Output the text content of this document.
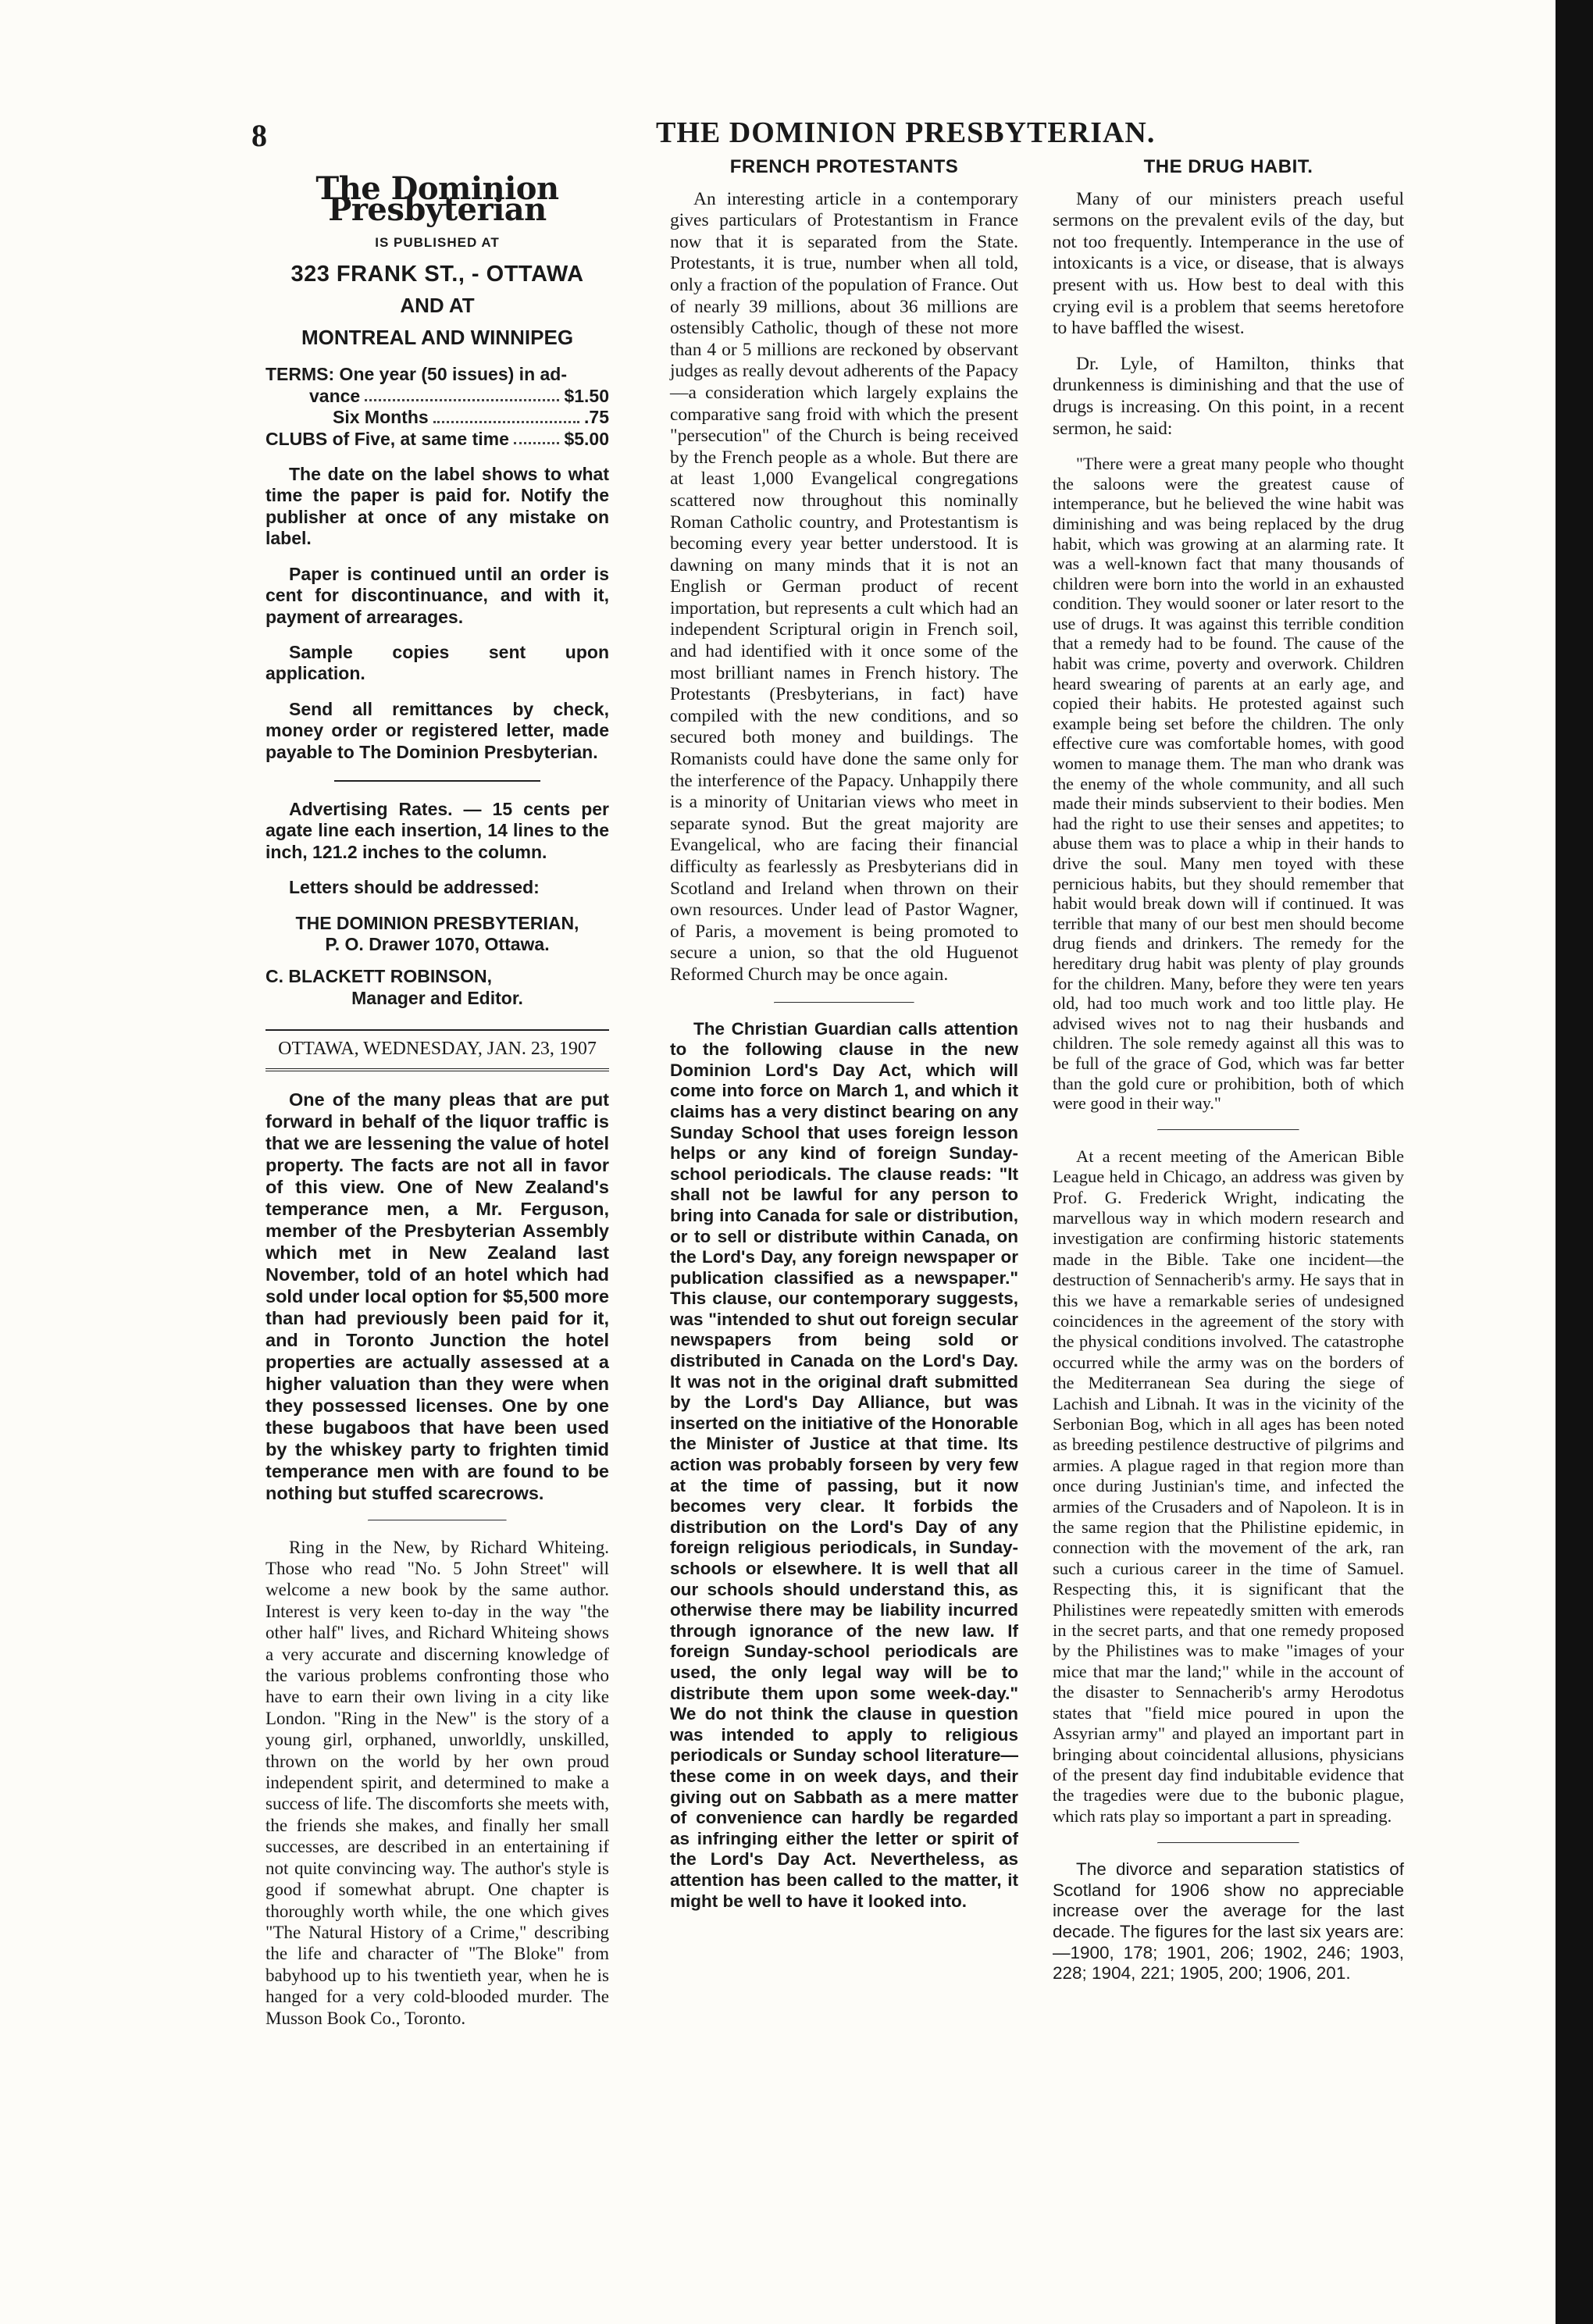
8	THE DOMINION PRESBYTERIAN.
The Dominion Presbyterian
IS PUBLISHED AT
323 FRANK ST., - OTTAWA
AND AT
MONTREAL AND WINNIPEG

TERMS: One year (50 issues) in ad-

vance	$1.50
Six Months	.75
CLUBS of Five, at same time	$5.00

The date on the label shows to what time the paper is paid for. Notify the publisher at once of any mistake on label.

Paper is continued until an order is cent for discontinuance, and with it, payment of arrearages.

Sample copies sent upon application.

Send all remittances by check, money order or registered letter, made payable to The Dominion Presbyterian.

Advertising Rates. — 15 cents per agate line each insertion, 14 lines to the inch, 121.2 inches to the column.

Letters should be addressed:

THE DOMINION PRESBYTERIAN,

P. O. Drawer 1070, Ottawa.

C. BLACKETT ROBINSON,

Manager and Editor.

OTTAWA, WEDNESDAY, JAN. 23, 1907

One of the many pleas that are put forward in behalf of the liquor traffic is that we are lessening the value of hotel property. The facts are not all in favor of this view. One of New Zealand's temperance men, a Mr. Ferguson, member of the Presbyterian Assembly which met in New Zealand last November, told of an hotel which had sold under local option for $5,500 more than had previously been paid for it, and in Toronto Junction the hotel properties are actually assessed at a higher valuation than they were when they possessed licenses. One by one these bugaboos that have been used by the whiskey party to frighten timid temperance men with are found to be nothing but stuffed scarecrows.

Ring in the New, by Richard Whiteing. Those who read "No. 5 John Street" will welcome a new book by the same author. Interest is very keen to-day in the way "the other half" lives, and Richard Whiteing shows a very accurate and discerning knowledge of the various problems confronting those who have to earn their own living in a city like London. "Ring in the New" is the story of a young girl, orphaned, unworldly, unskilled, thrown on the world by her own proud independent spirit, and determined to make a success of life. The discomforts she meets with, the friends she makes, and finally her small successes, are described in an entertaining if not quite convincing way. The author's style is good if somewhat abrupt. One chapter is thoroughly worth while, the one which gives "The Natural History of a Crime," describing the life and character of "The Bloke" from babyhood up to his twentieth year, when he is hanged for a very cold-blooded murder. The Musson Book Co., Toronto.

FRENCH PROTESTANTS

An interesting article in a contemporary gives particulars of Protestantism in France now that it is separated from the State. Protestants, it is true, number when all told, only a fraction of the population of France. Out of nearly 39 millions, about 36 millions are ostensibly Catholic, though of these not more than 4 or 5 millions are reckoned by observant judges as really devout adherents of the Papacy—a consideration which largely explains the comparative sang froid with which the present "persecution" of the Church is being received by the French people as a whole. But there are at least 1,000 Evangelical congregations scattered now throughout this nominally Roman Catholic country, and Protestantism is becoming every year better understood. It is dawning on many minds that it is not an English or German product of recent importation, but represents a cult which had an independent Scriptural origin in French soil, and had identified with it once some of the most brilliant names in French history. The Protestants (Presbyterians, in fact) have compiled with the new conditions, and so secured both money and buildings. The Romanists could have done the same only for the interference of the Papacy. Unhappily there is a minority of Unitarian views who meet in separate synod. But the great majority are Evangelical, who are facing their financial difficulty as fearlessly as Presbyterians did in Scotland and Ireland when thrown on their own resources. Under lead of Pastor Wagner, of Paris, a movement is being promoted to secure a union, so that the old Huguenot Reformed Church may be once again.

The Christian Guardian calls attention to the following clause in the new Dominion Lord's Day Act, which will come into force on March 1, and which it claims has a very distinct bearing on any Sunday School that uses foreign lesson helps or any kind of foreign Sunday-school periodicals. The clause reads: "It shall not be lawful for any person to bring into Canada for sale or distribution, or to sell or distribute within Canada, on the Lord's Day, any foreign newspaper or publication classified as a newspaper." This clause, our contemporary suggests, was "intended to shut out foreign secular newspapers from being sold or distributed in Canada on the Lord's Day. It was not in the original draft submitted by the Lord's Day Alliance, but was inserted on the initiative of the Honorable the Minister of Justice at that time. Its action was probably forseen by very few at the time of passing, but it now becomes very clear. It forbids the distribution on the Lord's Day of any foreign religious periodicals, in Sunday-schools or elsewhere. It is well that all our schools should understand this, as otherwise there may be liability incurred through ignorance of the new law. If foreign Sunday-school periodicals are used, the only legal way will be to distribute them upon some week-day." We do not think the clause in question was intended to apply to religious periodicals or Sunday school literature—these come in on week days, and their giving out on Sabbath as a mere matter of convenience can hardly be regarded as infringing either the letter or spirit of the Lord's Day Act. Nevertheless, as attention has been called to the matter, it might be well to have it looked into.

THE DRUG HABIT.

Many of our ministers preach useful sermons on the prevalent evils of the day, but not too frequently. Intemperance in the use of intoxicants is a vice, or disease, that is always present with us. How best to deal with this crying evil is a problem that seems heretofore to have baffled the wisest.

Dr. Lyle, of Hamilton, thinks that drunkenness is diminishing and that the use of drugs is increasing. On this point, in a recent sermon, he said:

"There were a great many people who thought the saloons were the greatest cause of intemperance, but he believed the wine habit was diminishing and was being replaced by the drug habit, which was growing at an alarming rate. It was a well-known fact that many thousands of children were born into the world in an exhausted condition. They would sooner or later resort to the use of drugs. It was against this terrible condition that a remedy had to be found. The cause of the habit was crime, poverty and overwork. Children heard swearing of parents at an early age, and copied their habits. He protested against such example being set before the children. The only effective cure was comfortable homes, with good women to manage them. The man who drank was the enemy of the whole community, and all such made their minds subservient to their bodies. Men had the right to use their senses and appetites; to abuse them was to place a whip in their hands to drive the soul. Many men toyed with these pernicious habits, but they should remember that habit would break down will if continued. It was terrible that many of our best men should become drug fiends and drinkers. The remedy for the hereditary drug habit was plenty of play grounds for the children. Many, before they were ten years old, had too much work and too little play. He advised wives not to nag their husbands and children. The sole remedy against all this was to be full of the grace of God, which was far better than the gold cure or prohibition, both of which were good in their way."

At a recent meeting of the American Bible League held in Chicago, an address was given by Prof. G. Frederick Wright, indicating the marvellous way in which modern research and investigation are confirming historic statements made in the Bible. Take one incident—the destruction of Sennacherib's army. He says that in this we have a remarkable series of undesigned coincidences in the agreement of the story with the physical conditions involved. The catastrophe occurred while the army was on the borders of the Mediterranean Sea during the siege of Lachish and Libnah. It was in the vicinity of the Serbonian Bog, which in all ages has been noted as breeding pestilence destructive of pilgrims and armies. A plague raged in that region more than once during Justinian's time, and infected the armies of the Crusaders and of Napoleon. It is in the same region that the Philistine epidemic, in connection with the movement of the ark, ran such a curious career in the time of Samuel. Respecting this, it is significant that the Philistines were repeatedly smitten with emerods in the secret parts, and that one remedy proposed by the Philistines was to make "images of your mice that mar the land;" while in the account of the disaster to Sennacherib's army Herodotus states that "field mice poured in upon the Assyrian army" and played an important part in bringing about coincidental allusions, physicians of the present day find indubitable evidence that the tragedies were due to the bubonic plague, which rats play so important a part in spreading.

The divorce and separation statistics of Scotland for 1906 show no appreciable increase over the average for the last decade. The figures for the last six years are:—1900, 178; 1901, 206; 1902, 246; 1903, 228; 1904, 221; 1905, 200; 1906, 201.
